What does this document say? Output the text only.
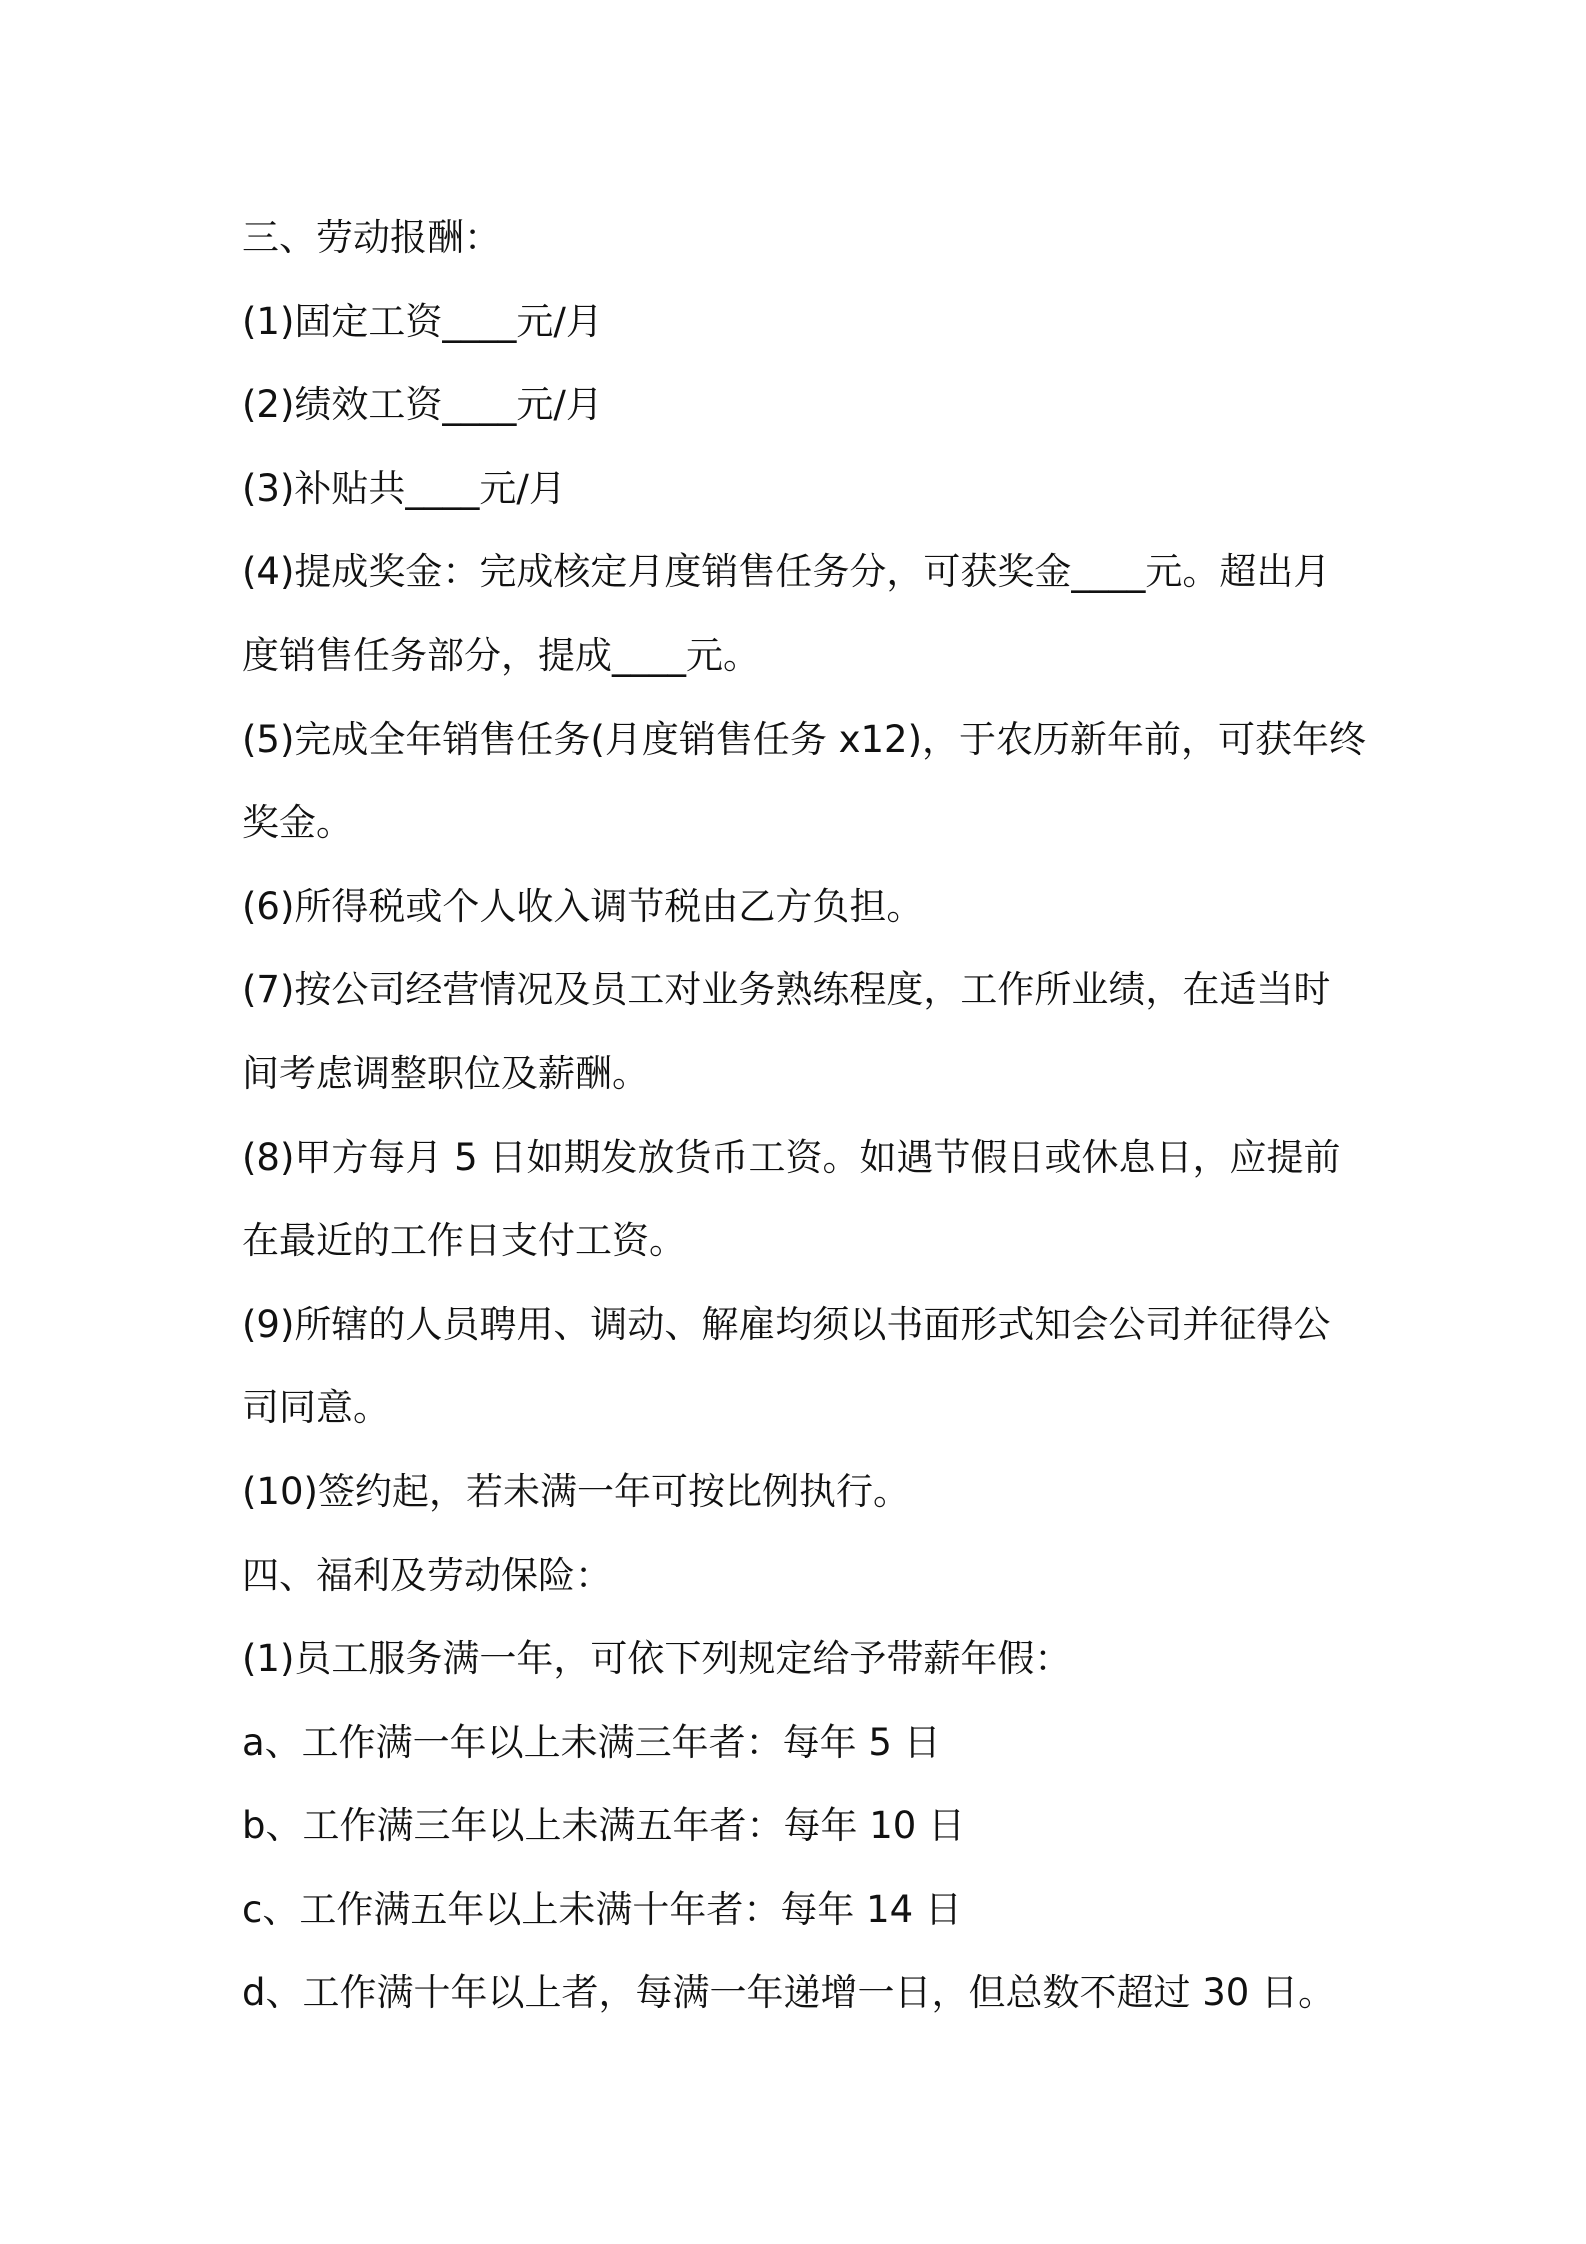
三、劳动报酬：
(1)固定工资____元/月
(2)绩效工资____元/月
(3)补贴共____元/月
(4)提成奖金：完成核定月度销售任务分，可获奖金____元。超出月
度销售任务部分，提成____元。
(5)完成全年销售任务(月度销售任务 x12)，于农历新年前，可获年终
奖金。
(6)所得税或个人收入调节税由乙方负担。
(7)按公司经营情况及员工对业务熟练程度，工作所业绩，在适当时
间考虑调整职位及薪酬。
(8)甲方每月 5 日如期发放货币工资。如遇节假日或休息日，应提前
在最近的工作日支付工资。
(9)所辖的人员聘用、调动、解雇均须以书面形式知会公司并征得公
司同意。
(10)签约起，若未满一年可按比例执行。
四、福利及劳动保险：
(1)员工服务满一年，可依下列规定给予带薪年假：
a、工作满一年以上未满三年者：每年 5 日
b、工作满三年以上未满五年者：每年 10 日
c、工作满五年以上未满十年者：每年 14 日
d、工作满十年以上者，每满一年递增一日，但总数不超过 30 日。
